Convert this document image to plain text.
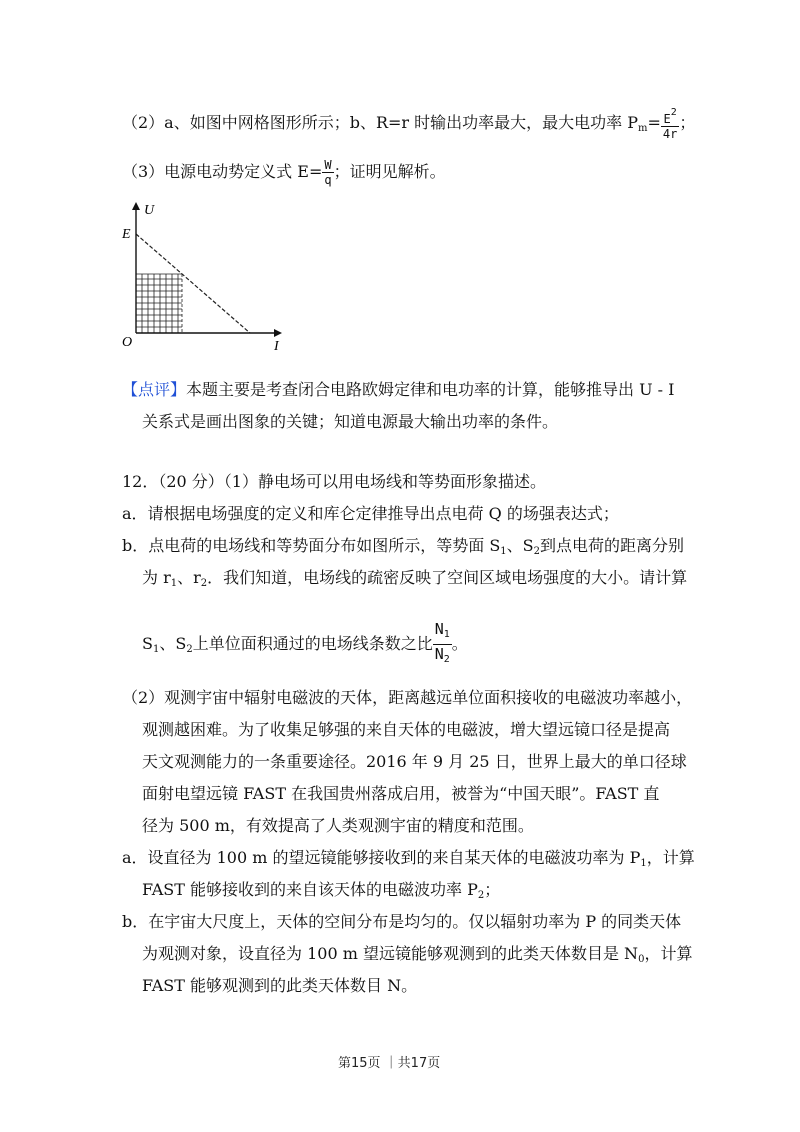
（2）a、如图中网格图形所示；b、R=r 时输出功率最大，最大电功率 $P_m= \frac{E^2}{4r}$ ；
（3）电源电动势定义式 $E= \frac{W}{q}$ ；证明见解析。
U
E
O	I
【点评】本题主要是考查闭合电路欧姆定律和电功率的计算，能够推导出 U - I
关系式是画出图象的关键；知道电源最大输出功率的条件。
12．（20 分）（1）静电场可以用电场线和等势面形象描述。
a．请根据电场强度的定义和库仑定律推导出点电荷 Q 的场强表达式；
b．点电荷的电场线和等势面分布如图所示，等势面 $S_1$、$S_2$到点电荷的距离分别
为 $r_1$、$r_2$．我们知道，电场线的疏密反映了空间区域电场强度的大小。请计算
$S_1$、$S_2$上单位面积通过的电场线条数之比 $\frac{N_1}{N_2}$ 。
（2）观测宇宙中辐射电磁波的天体，距离越远单位面积接收的电磁波功率越小，
观测越困难。为了收集足够强的来自天体的电磁波，增大望远镜口径是提高
天文观测能力的一条重要途径。2016 年 9 月 25 日，世界上最大的单口径球
面射电望远镜 FAST 在我国贵州落成启用，被誉为“中国天眼”。FAST 直
径为 500 m，有效提高了人类观测宇宙的精度和范围。
a．设直径为 100 m 的望远镜能够接收到的来自某天体的电磁波功率为 $P_1$，计算
FAST 能够接收到的来自该天体的电磁波功率 $P_2$；
b．在宇宙大尺度上，天体的空间分布是均匀的。仅以辐射功率为 P 的同类天体
为观测对象，设直径为 100 m 望远镜能够观测到的此类天体数目是 $N_0$，计算
FAST 能够观测到的此类天体数目 N。
第15页 ｜共17页
